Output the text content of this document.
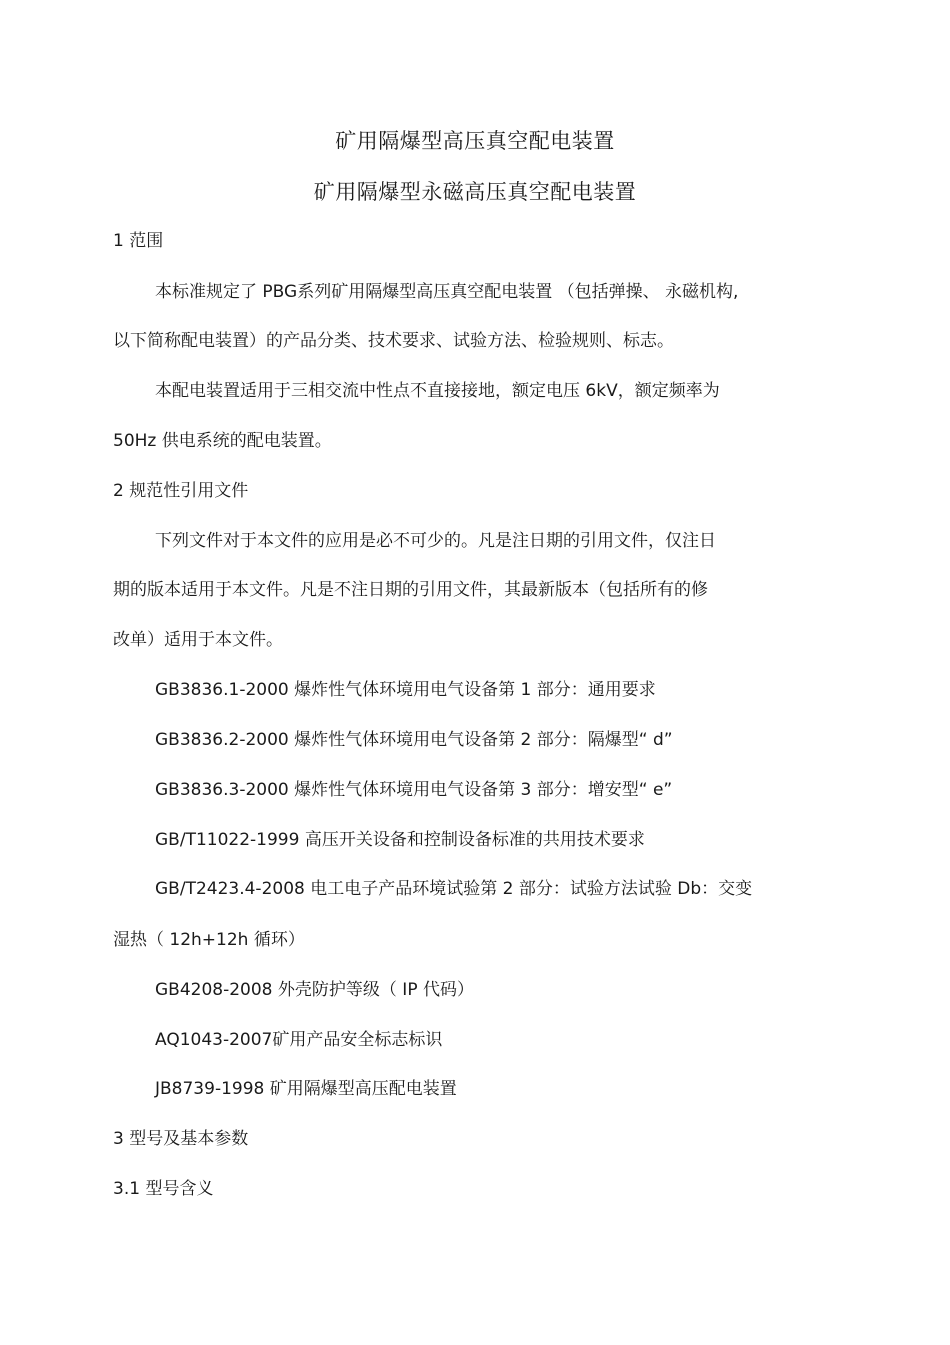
矿用隔爆型高压真空配电装置
矿用隔爆型永磁高压真空配电装置
1 范围
本标准规定了 PBG系列矿用隔爆型高压真空配电装置 （包括弹操、 永磁机构,
以下简称配电装置）的产品分类、技术要求、试验方法、检验规则、标志。
本配电装置适用于三相交流中性点不直接接地，额定电压 6kV，额定频率为
50Hz 供电系统的配电装置。
2 规范性引用文件
下列文件对于本文件的应用是必不可少的。凡是注日期的引用文件，仅注日
期的版本适用于本文件。凡是不注日期的引用文件，其最新版本（包括所有的修
改单）适用于本文件。
GB3836.1-2000 爆炸性气体环境用电气设备第 1 部分：通用要求
GB3836.2-2000 爆炸性气体环境用电气设备第 2 部分：隔爆型“ d”
GB3836.3-2000 爆炸性气体环境用电气设备第 3 部分：增安型“ e”
GB/T11022-1999 高压开关设备和控制设备标准的共用技术要求
GB/T2423.4-2008 电工电子产品环境试验第 2 部分：试验方法试验 Db：交变
湿热（ 12h+12h 循环）
GB4208-2008 外壳防护等级（ IP 代码）
AQ1043-2007矿用产品安全标志标识
JB8739-1998 矿用隔爆型高压配电装置
3 型号及基本参数
3.1 型号含义
